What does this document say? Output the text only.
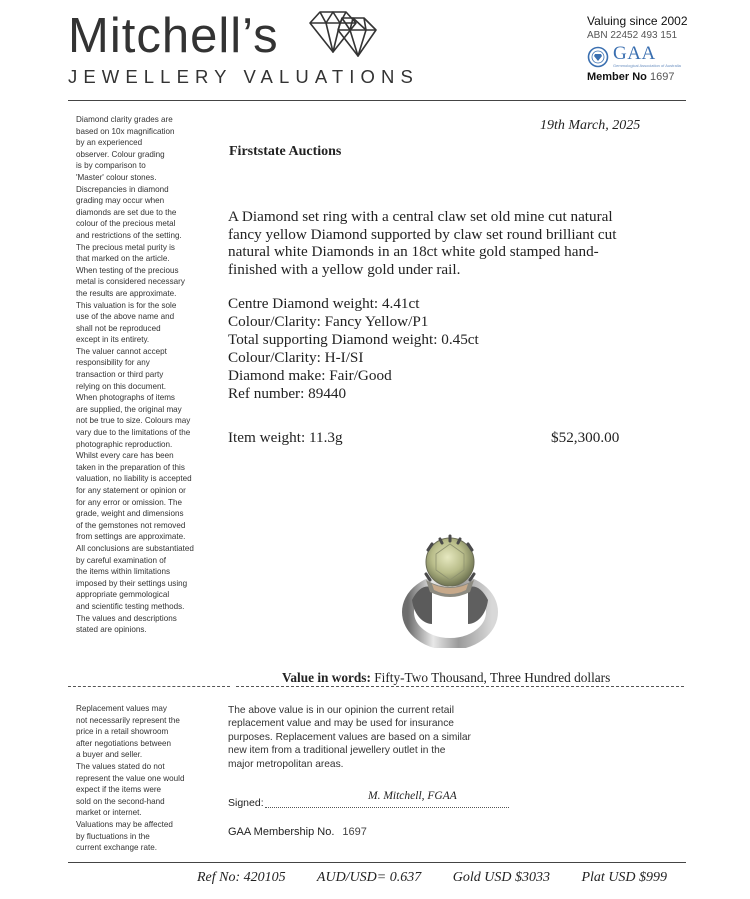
Mitchell’s
JEWELLERY VALUATIONS
Valuing since 2002
ABN 22452 493 151
GAA
Gemmological Association of Australia
Member No 1697
Diamond clarity grades are
based on 10x magnification
by an experienced
observer. Colour grading
is by comparison to
'Master' colour stones.
Discrepancies in diamond
grading may occur when
diamonds are set due to the
colour of the precious metal
and restrictions of the setting.
The precious metal purity is
that marked on the article.
When testing of the precious
metal is considered necessary
the results are approximate.
This valuation is for the sole
use of the above name and
shall not be reproduced
except in its entirety.
The valuer cannot accept
responsibility for any
transaction or third party
relying on this document.
When photographs of items
are supplied, the original may
not be true to size. Colours may
vary due to the limitations of the
photographic reproduction.
Whilst every care has been
taken in the preparation of this
valuation, no liability is accepted
for any statement or opinion or
for any error or omission. The
grade, weight and dimensions
of the gemstones not removed
from settings are approximate.
All conclusions are substantiated
by careful examination of
the items within limitations
imposed by their settings using
appropriate gemmological
and scientific testing methods.
The values and descriptions
stated are opinions.
19th March, 2025
Firststate Auctions
A Diamond set ring with a central claw set old mine cut natural
fancy yellow Diamond supported by claw set round brilliant cut
natural white Diamonds in an 18ct white gold stamped hand-
finished with a yellow gold under rail.
Centre Diamond weight: 4.41ct
Colour/Clarity: Fancy Yellow/P1
Total supporting Diamond weight: 0.45ct
Colour/Clarity: H-I/SI
Diamond make: Fair/Good
Ref number: 89440
Item weight: 11.3g	$52,300.00
Value in words: Fifty-Two Thousand, Three Hundred dollars
Replacement values may
not necessarily represent the
price in a retail showroom
after negotiations between
a buyer and seller.
The values stated do not
represent the value one would
expect if the items were
sold on the second-hand
market or internet.
Valuations may be affected
by fluctuations in the
current exchange rate.
The above value is in our opinion the current retail
replacement value and may be used for insurance
purposes. Replacement values are based on a similar
new item from a traditional jewellery outlet in the
major metropolitan areas.
M. Mitchell, FGAA
Signed:
GAA Membership No. 1697
Ref No: 420105 AUD/USD= 0.637 Gold USD $3033 Plat USD $999
